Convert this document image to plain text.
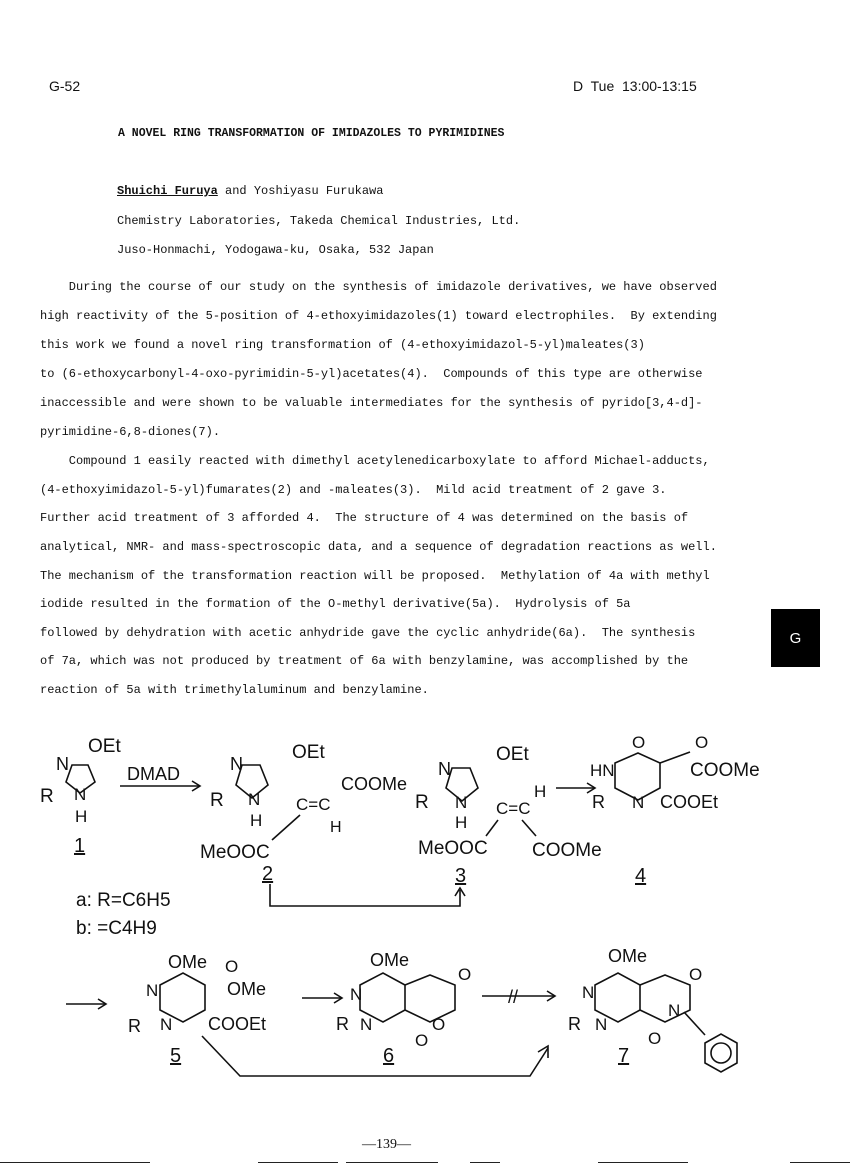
G-52	D  Tue  13:00-13:15
A NOVEL RING TRANSFORMATION OF IMIDAZOLES TO PYRIMIDINES
Shuichi Furuya and Yoshiyasu Furukawa
Chemistry Laboratories, Takeda Chemical Industries, Ltd.
Juso-Honmachi, Yodogawa-ku, Osaka, 532 Japan
During the course of our study on the synthesis of imidazole derivatives, we have observed
high reactivity of the 5-position of 4-ethoxyimidazoles(1) toward electrophiles.  By extending
this work we found a novel ring transformation of (4-ethoxyimidazol-5-yl)maleates(3)
to (6-ethoxycarbonyl-4-oxo-pyrimidin-5-yl)acetates(4).  Compounds of this type are otherwise
inaccessible and were shown to be valuable intermediates for the synthesis of pyrido[3,4-d]-
pyrimidine-6,8-diones(7).
Compound 1 easily reacted with dimethyl acetylenedicarboxylate to afford Michael-adducts,
(4-ethoxyimidazol-5-yl)fumarates(2) and -maleates(3).  Mild acid treatment of 2 gave 3.
Further acid treatment of 3 afforded 4.  The structure of 4 was determined on the basis of
analytical, NMR- and mass-spectroscopic data, and a sequence of degradation reactions as well.
The mechanism of the transformation reaction will be proposed.  Methylation of 4a with methyl
iodide resulted in the formation of the O-methyl derivative(5a).  Hydrolysis of 5a
followed by dehydration with acetic anhydride gave the cyclic anhydride(6a).  The synthesis
of 7a, which was not produced by treatment of 6a with benzylamine, was accomplished by the
reaction of 5a with trimethylaluminum and benzylamine.
G
N
OEt
R N
H
1
DMAD	N
OEt
R N
H
C=C
COOMe
H
MeOOC
2
N
OEt
R N
H
C=C
H
MeOOC COOMe
3
O	O
HN	COOMe
R N COOEt
4
a: R=C6H5
b: =C4H9
OMe O
OMe
N
R N COOEt
5
OMe
O
O
O
N
R N
6
//
OMe
O
N
O
N
R N
7
—139—
